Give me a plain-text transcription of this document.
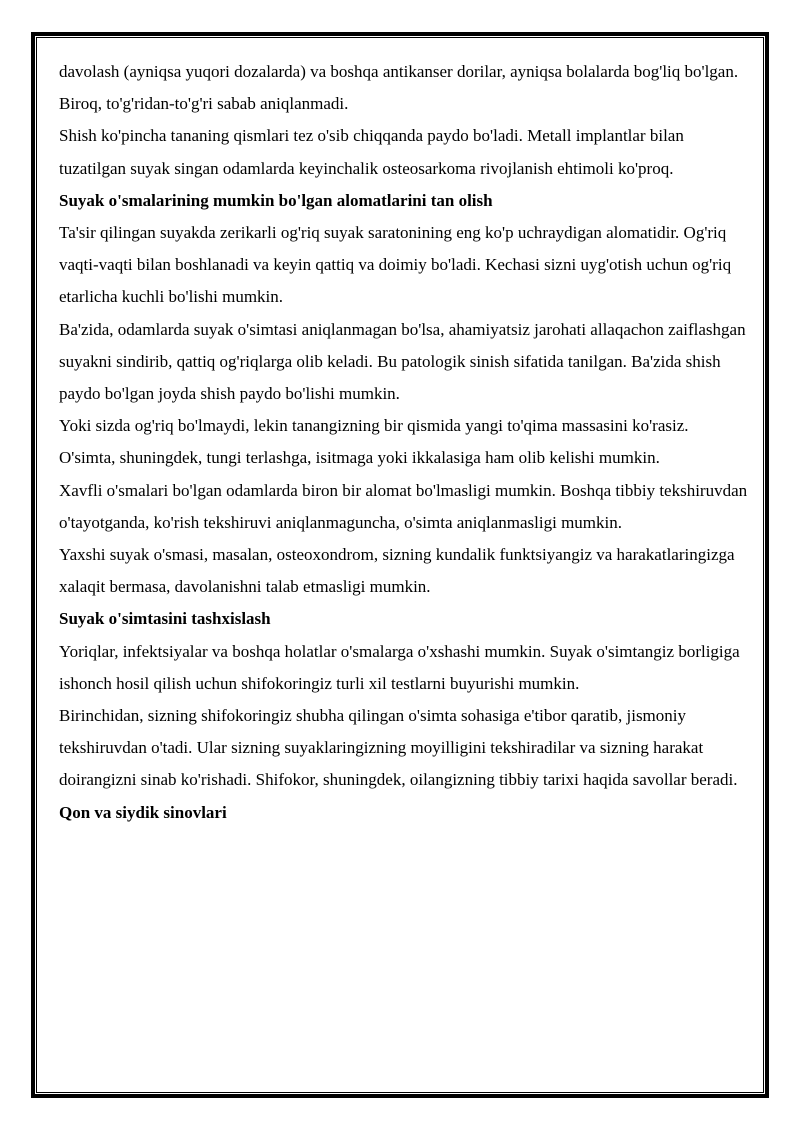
davolash (ayniqsa yuqori dozalarda) va boshqa antikanser dorilar, ayniqsa bolalarda bog'liq bo'lgan. Biroq, to'g'ridan-to'g'ri sabab aniqlanmadi.

Shish ko'pincha tananing qismlari tez o'sib chiqqanda paydo bo'ladi. Metall implantlar bilan tuzatilgan suyak singan odamlarda keyinchalik osteosarkoma rivojlanish ehtimoli ko'proq.

Suyak o'smalarining mumkin bo'lgan alomatlarini tan olish

Ta'sir qilingan suyakda zerikarli og'riq suyak saratonining eng ko'p uchraydigan alomatidir. Og'riq vaqti-vaqti bilan boshlanadi va keyin qattiq va doimiy bo'ladi. Kechasi sizni uyg'otish uchun og'riq etarlicha kuchli bo'lishi mumkin.

Ba'zida, odamlarda suyak o'simtasi aniqlanmagan bo'lsa, ahamiyatsiz jarohati allaqachon zaiflashgan suyakni sindirib, qattiq og'riqlarga olib keladi. Bu patologik sinish sifatida tanilgan. Ba'zida shish paydo bo'lgan joyda shish paydo bo'lishi mumkin.

Yoki sizda og'riq bo'lmaydi, lekin tanangizning bir qismida yangi to'qima massasini ko'rasiz. O'simta, shuningdek, tungi terlashga, isitmaga yoki ikkalasiga ham olib kelishi mumkin.

Xavfli o'smalari bo'lgan odamlarda biron bir alomat bo'lmasligi mumkin. Boshqa tibbiy tekshiruvdan o'tayotganda, ko'rish tekshiruvi aniqlanmaguncha, o'simta aniqlanmasligi mumkin.

Yaxshi suyak o'smasi, masalan, osteoxondrom, sizning kundalik funktsiyangiz va harakatlaringizga xalaqit bermasa, davolanishni talab etmasligi mumkin.

Suyak o'simtasini tashxislash

Yoriqlar, infektsiyalar va boshqa holatlar o'smalarga o'xshashi mumkin. Suyak o'simtangiz borligiga ishonch hosil qilish uchun shifokoringiz turli xil testlarni buyurishi mumkin.

Birinchidan, sizning shifokoringiz shubha qilingan o'simta sohasiga e'tibor qaratib, jismoniy tekshiruvdan o'tadi. Ular sizning suyaklaringizning moyilligini tekshiradilar va sizning harakat doirangizni sinab ko'rishadi. Shifokor, shuningdek, oilangizning tibbiy tarixi haqida savollar beradi.

Qon va siydik sinovlari
